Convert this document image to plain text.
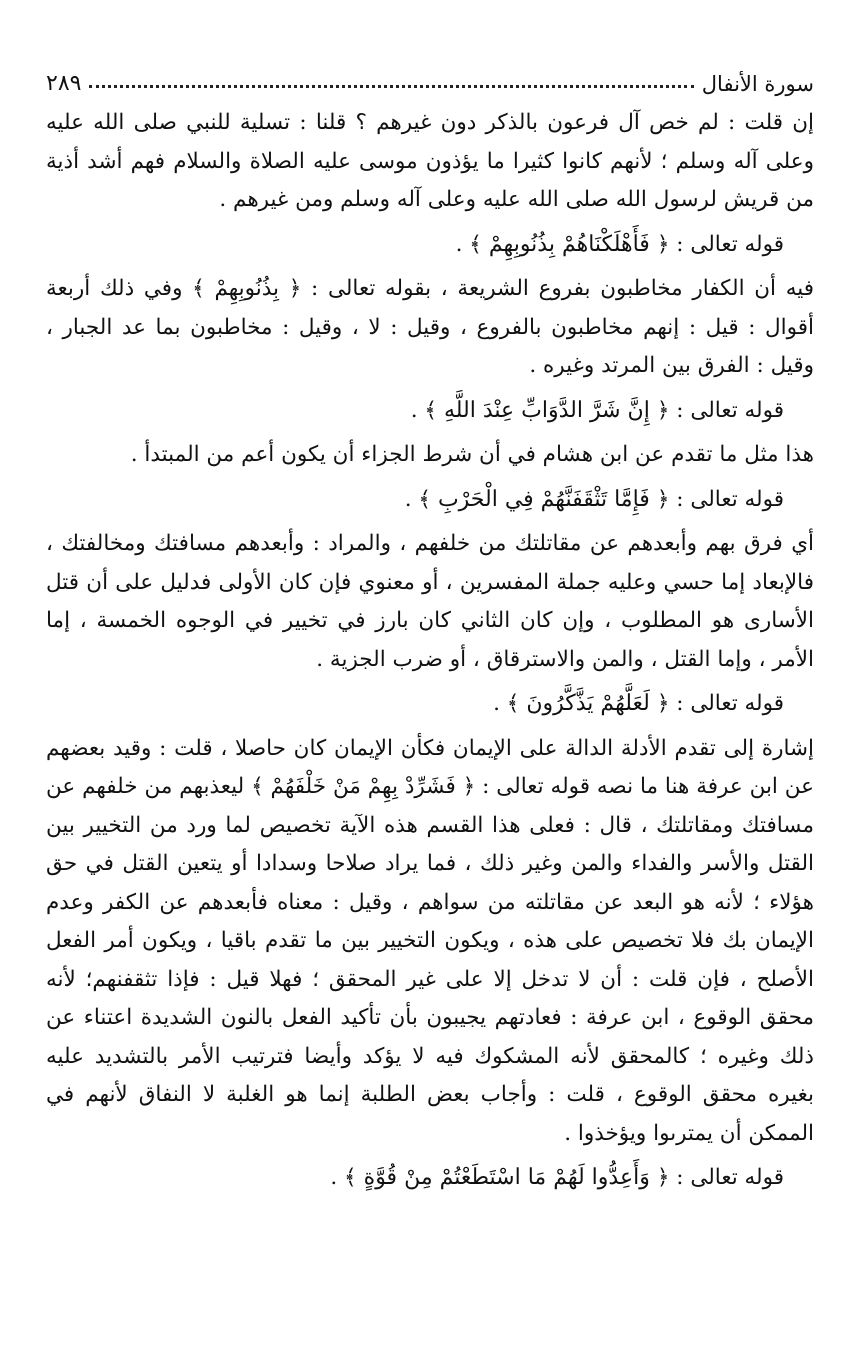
سورة الأنفال
٢٨٩

إن قلت : لم خص آل فرعون بالذكر دون غيرهم ؟ قلنا : تسلية للنبي صلى الله عليه وعلى آله وسلم ؛ لأنهم كانوا كثيرا ما يؤذون موسى عليه الصلاة والسلام فهم أشد أذية من قريش لرسول الله صلى الله عليه وعلى آله وسلم ومن غيرهم .

قوله تعالى : ﴿ فَأَهْلَكْنَاهُمْ بِذُنُوبِهِمْ ﴾ .

فيه أن الكفار مخاطبون بفروع الشريعة ، بقوله تعالى : ﴿ بِذُنُوبِهِمْ ﴾ وفي ذلك أربعة أقوال : قيل : إنهم مخاطبون بالفروع ، وقيل : لا ، وقيل : مخاطبون بما عد الجبار ، وقيل : الفرق بين المرتد وغيره .

قوله تعالى : ﴿ إِنَّ شَرَّ الدَّوَابِّ عِنْدَ اللَّهِ ﴾ .

هذا مثل ما تقدم عن ابن هشام في أن شرط الجزاء أن يكون أعم من المبتدأ .

قوله تعالى : ﴿ فَإِمَّا تَثْقَفَنَّهُمْ فِي الْحَرْبِ ﴾ .

أي فرق بهم وأبعدهم عن مقاتلتك من خلفهم ، والمراد : وأبعدهم مسافتك ومخالفتك ، فالإبعاد إما حسي وعليه جملة المفسرين ، أو معنوي فإن كان الأولى فدليل على أن قتل الأسارى هو المطلوب ، وإن كان الثاني كان بارز في تخيير في الوجوه الخمسة ، إما الأمر ، وإما القتل ، والمن والاسترقاق ، أو ضرب الجزية .

قوله تعالى : ﴿ لَعَلَّهُمْ يَذَّكَّرُونَ ﴾ .

إشارة إلى تقدم الأدلة الدالة على الإيمان فكأن الإيمان كان حاصلا ، قلت : وقيد بعضهم عن ابن عرفة هنا ما نصه قوله تعالى : ﴿ فَشَرِّدْ بِهِمْ مَنْ خَلْفَهُمْ ﴾ ليعذبهم من خلفهم عن مسافتك ومقاتلتك ، قال : فعلى هذا القسم هذه الآية تخصيص لما ورد من التخيير بين القتل والأسر والفداء والمن وغير ذلك ، فما يراد صلاحا وسدادا أو يتعين القتل في حق هؤلاء ؛ لأنه هو البعد عن مقاتلته من سواهم ، وقيل : معناه فأبعدهم عن الكفر وعدم الإيمان بك فلا تخصيص على هذه ، ويكون التخيير بين ما تقدم باقيا ، ويكون أمر الفعل الأصلح ، فإن قلت : أن لا تدخل إلا على غير المحقق ؛ فهلا قيل : فإذا تثقفنهم؛ لأنه محقق الوقوع ، ابن عرفة : فعادتهم يجيبون بأن تأكيد الفعل بالنون الشديدة اعتناء عن ذلك وغيره ؛ كالمحقق لأنه المشكوك فيه لا يؤكد وأيضا فترتيب الأمر بالتشديد عليه بغيره محقق الوقوع ، قلت : وأجاب بعض الطلبة إنما هو الغلبة لا النفاق لأنهم في الممكن أن يمترىوا ويؤخذوا .

قوله تعالى : ﴿ وَأَعِدُّوا لَهُمْ مَا اسْتَطَعْتُمْ مِنْ قُوَّةٍ ﴾ .
